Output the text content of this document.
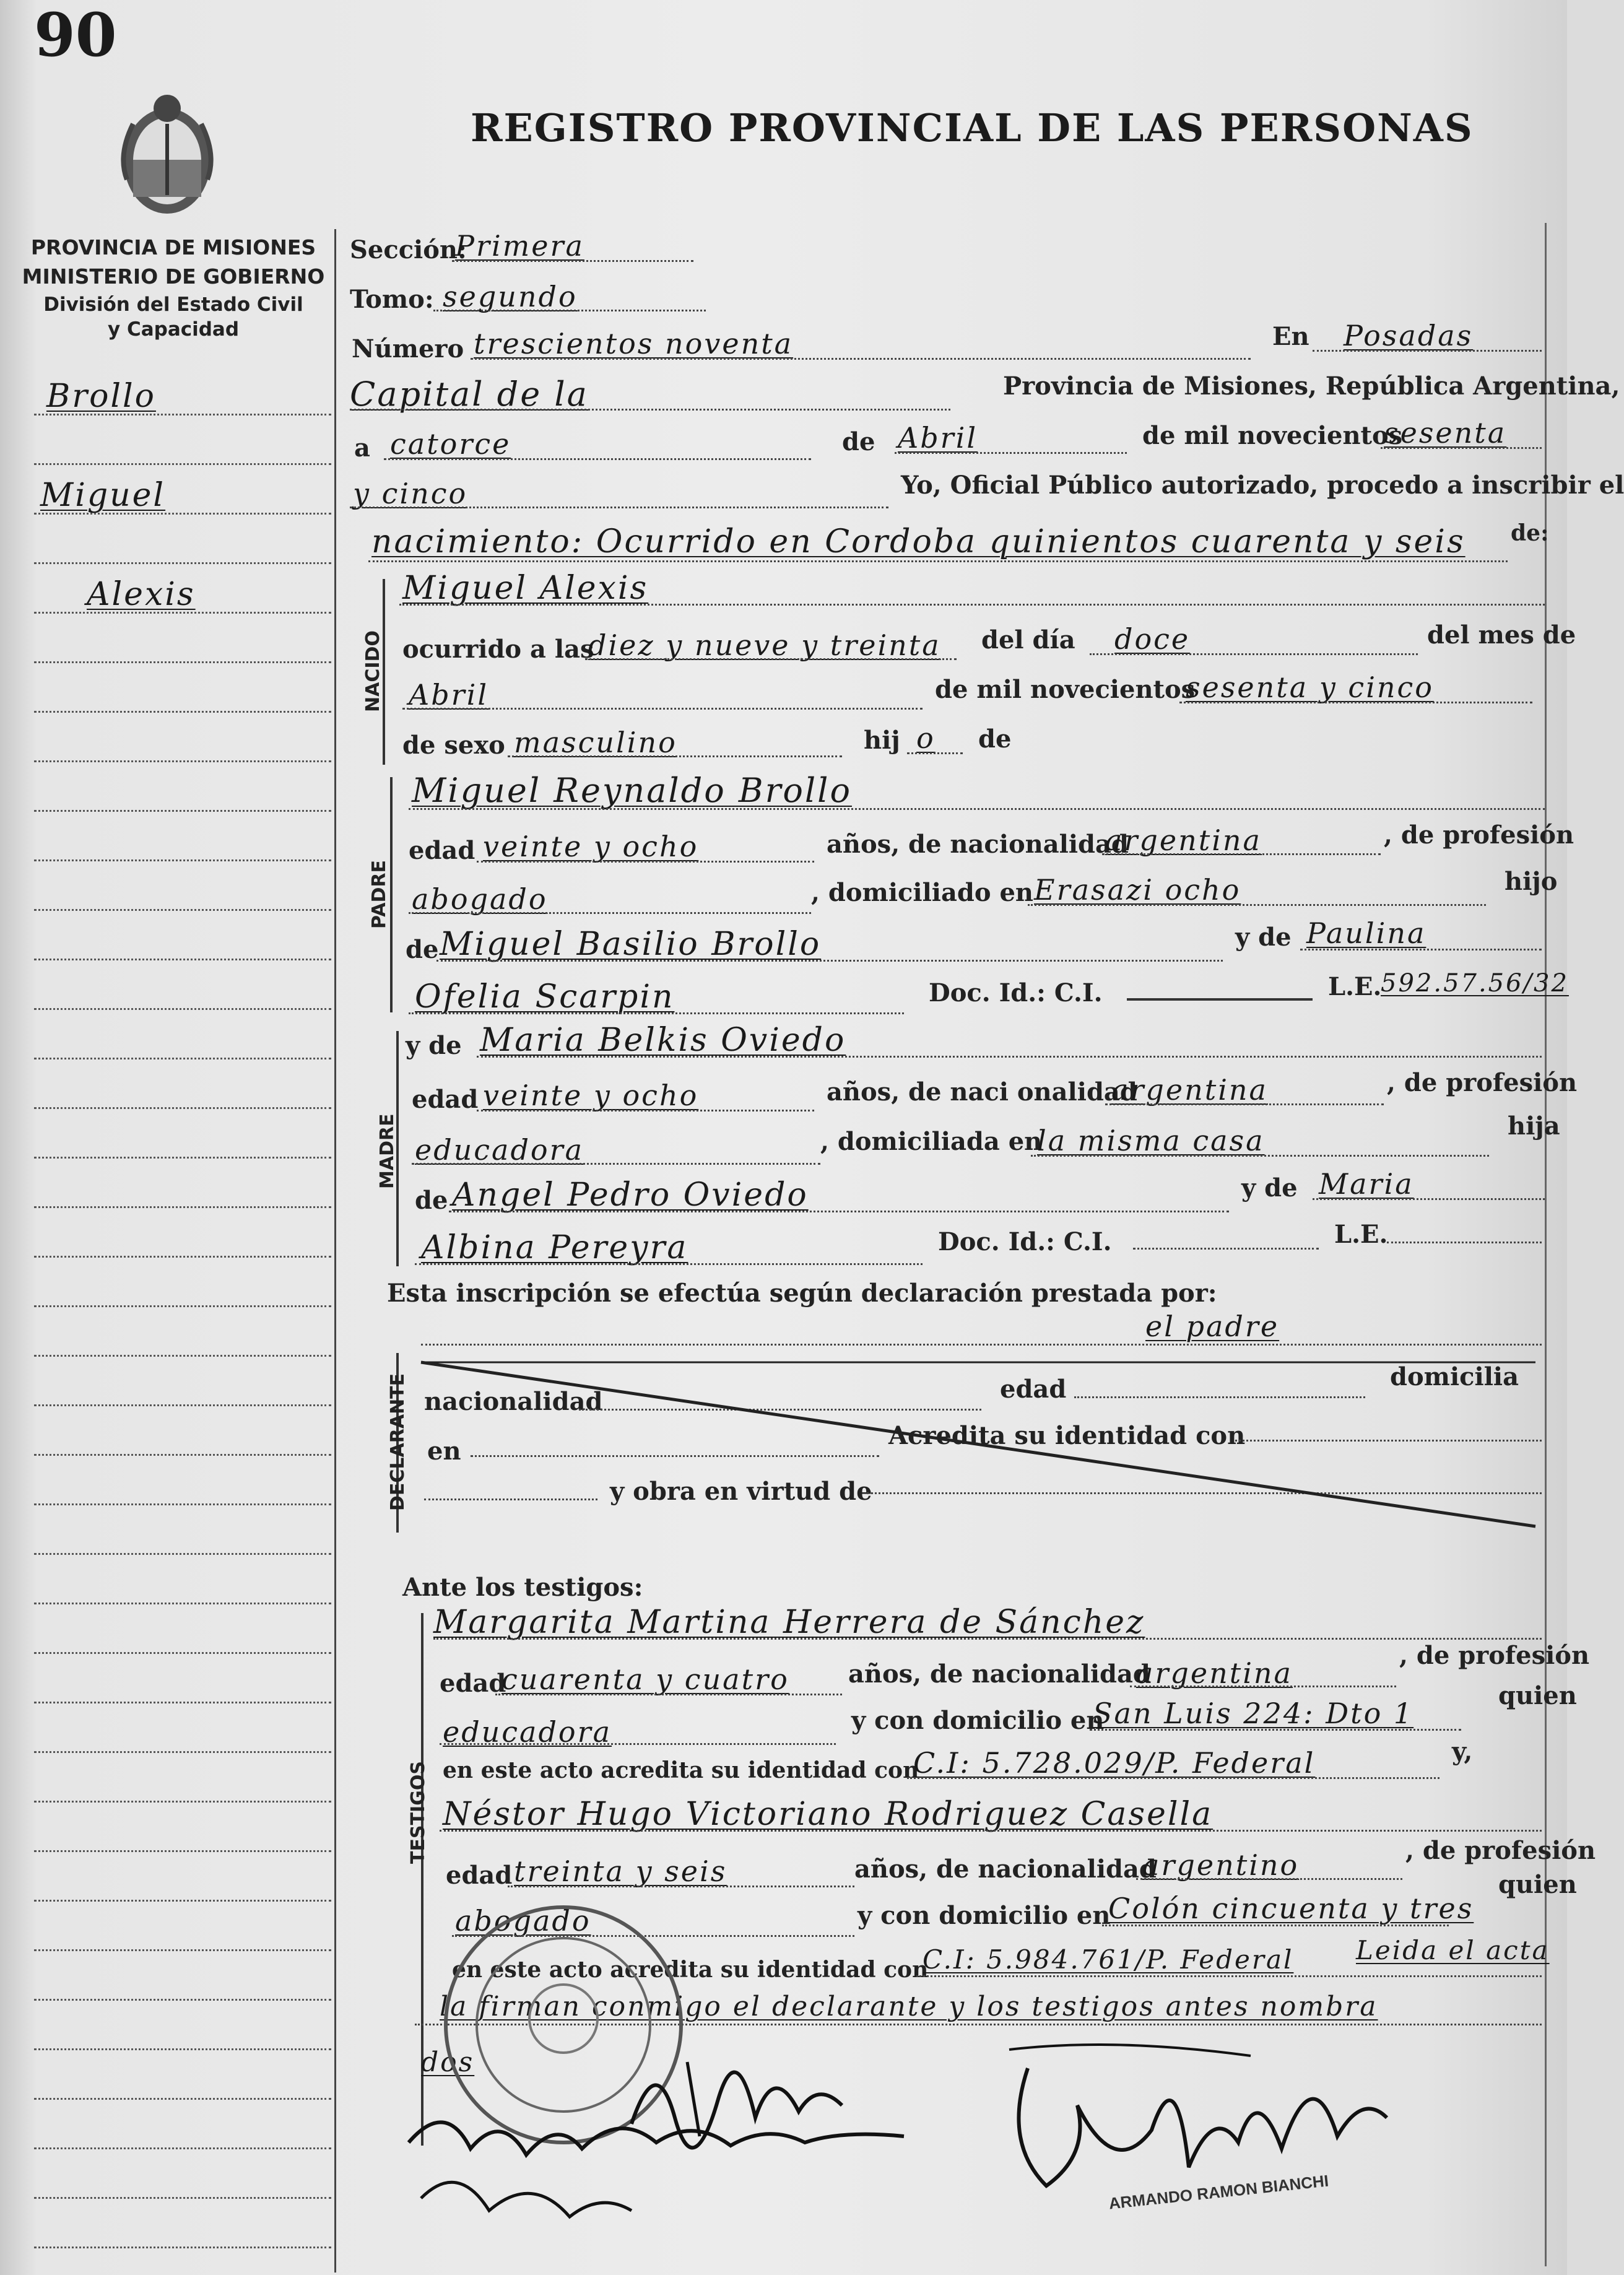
90
REGISTRO PROVINCIAL DE LAS PERSONAS
PROVINCIA DE MISIONES
MINISTERIO DE GOBIERNO
División del Estado Civil
y Capacidad
Brollo
Miguel
Alexis
Sección:
Primera
Tomo: segundo
Número trescientos noventa	En Posadas
Capital de la	Provincia de Misiones, República Argentina,
a catorce	de Abril	de mil novecientos
sesenta
y cinco	Yo, Oficial Público autorizado, procedo a inscribir el
nacimiento: Ocurrido en Cordoba quinientos cuarenta y seis de:
NACIDO
Miguel Alexis
ocurrido a las
diez y nueve y treinta del día doce	del mes de
Abril	de mil novecientos
sesenta y cinco
de sexo masculino	hij o de
PADRE
Miguel Reynaldo Brollo
edad veinte y ocho	años, de nacionalidad
argentina	, de profesión
abogado	, domiciliado en Erasazi ocho	hijo
de Miguel Basilio Brollo	y de Paulina
Ofelia Scarpin	Doc. Id.: C.I.	L.E.
592.57.56/32
MADRE
y de Maria Belkis Oviedo
edad veinte y ocho	años, de naci onalidad
argentina	, de profesión
educadora	, domiciliada en
la misma casa	hija
de Angel Pedro Oviedo	y de Maria
Albina Pereyra	Doc. Id.: C.I.	L.E.
Esta inscripción se efectúa según declaración prestada por:
el padre
DECLARANTE nacionalidad	edad	domicilia
en
Acredita su identidad con
y obra en virtud de
Ante los testigos:
TESTIGOS
Margarita Martina Herrera de Sánchez
edad
cuarenta y cuatro años, de nacionalidad
argentina
, de profesión
educadora	y con domicilio en
San Luis 224: Dto 1
quien
en este acto acredita su identidad con
C.I: 5.728.029/P. Federal	y,
Néstor Hugo Victoriano Rodriguez Casella
edad treinta y seis	años, de nacionalidad
argentino	, de profesión
abogado	y con domicilio en
Colón cincuenta y tres
quien
en este acto acredita su identidad con
C.I: 5.984.761/P. Federal Leida el acta
la firman conmigo el declarante y los testigos antes nombra
dos
ARMANDO RAMON BIANCHI
